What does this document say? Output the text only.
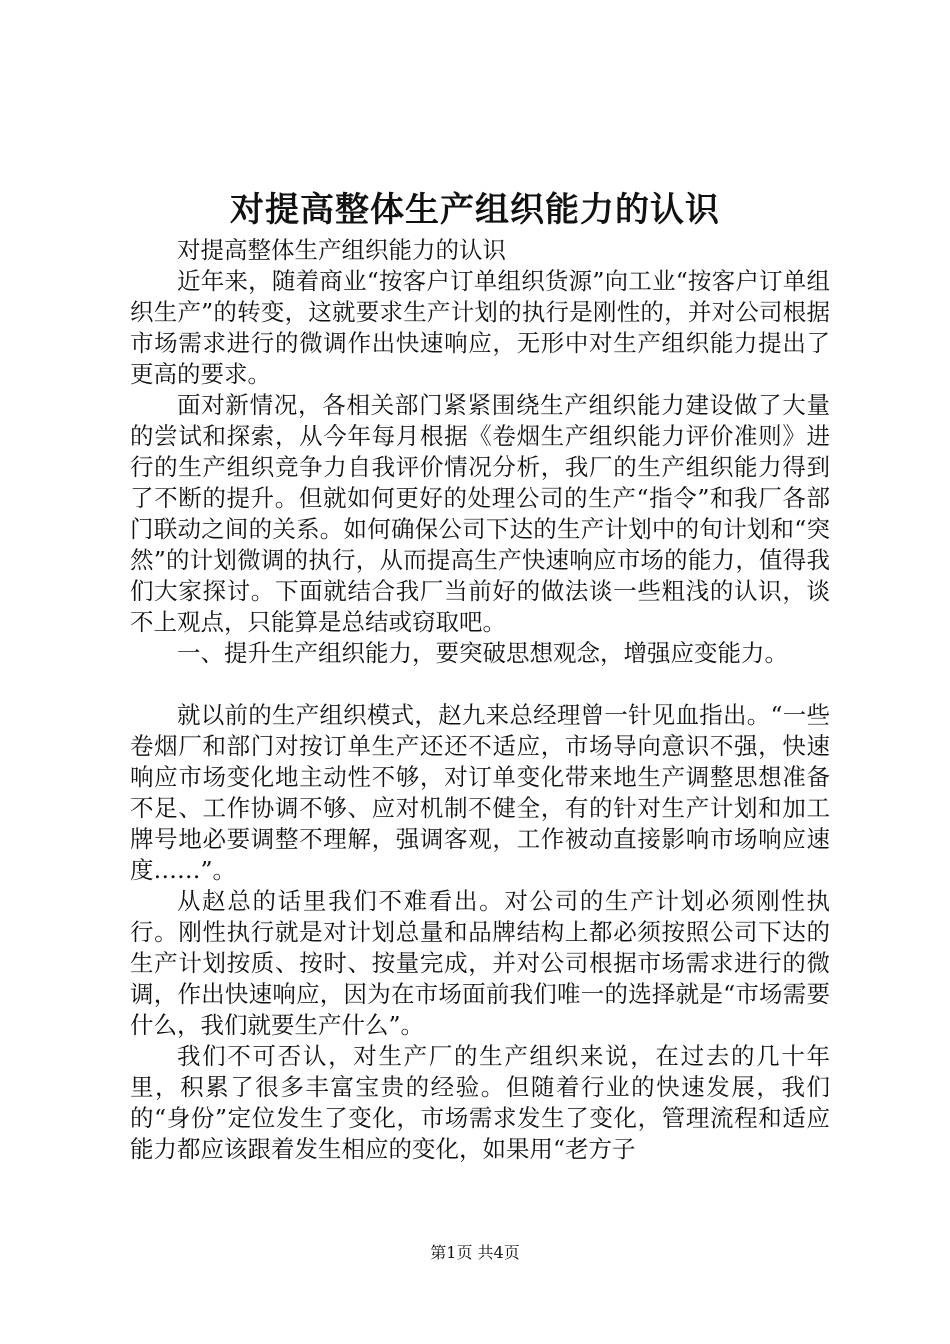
对提高整体生产组织能力的认识

对提高整体生产组织能力的认识

近年来，随着商业“按客户订单组织货源”向工业“按客户订单组织生产”的转变，这就要求生产计划的执行是刚性的，并对公司根据市场需求进行的微调作出快速响应，无形中对生产组织能力提出了更高的要求。

面对新情况，各相关部门紧紧围绕生产组织能力建设做了大量的尝试和探索，从今年每月根据《卷烟生产组织能力评价准则》进行的生产组织竞争力自我评价情况分析，我厂的生产组织能力得到了不断的提升。但就如何更好的处理公司的生产“指令”和我厂各部门联动之间的关系。如何确保公司下达的生产计划中的旬计划和“突然”的计划微调的执行，从而提高生产快速响应市场的能力，值得我们大家探讨。下面就结合我厂当前好的做法谈一些粗浅的认识，谈不上观点，只能算是总结或窃取吧。

一、提升生产组织能力，要突破思想观念，增强应变能力。

就以前的生产组织模式，赵九来总经理曾一针见血指出。“一些卷烟厂和部门对按订单生产还还不适应，市场导向意识不强，快速响应市场变化地主动性不够，对订单变化带来地生产调整思想准备不足、工作协调不够、应对机制不健全，有的针对生产计划和加工牌号地必要调整不理解，强调客观，工作被动直接影响市场响应速度……”。

从赵总的话里我们不难看出。对公司的生产计划必须刚性执行。刚性执行就是对计划总量和品牌结构上都必须按照公司下达的生产计划按质、按时、按量完成，并对公司根据市场需求进行的微调，作出快速响应，因为在市场面前我们唯一的选择就是“市场需要什么，我们就要生产什么”。

我们不可否认，对生产厂的生产组织来说，在过去的几十年里，积累了很多丰富宝贵的经验。但随着行业的快速发展，我们的“身份”定位发生了变化，市场需求发生了变化，管理流程和适应能力都应该跟着发生相应的变化，如果用“老方子

第1页 共4页
